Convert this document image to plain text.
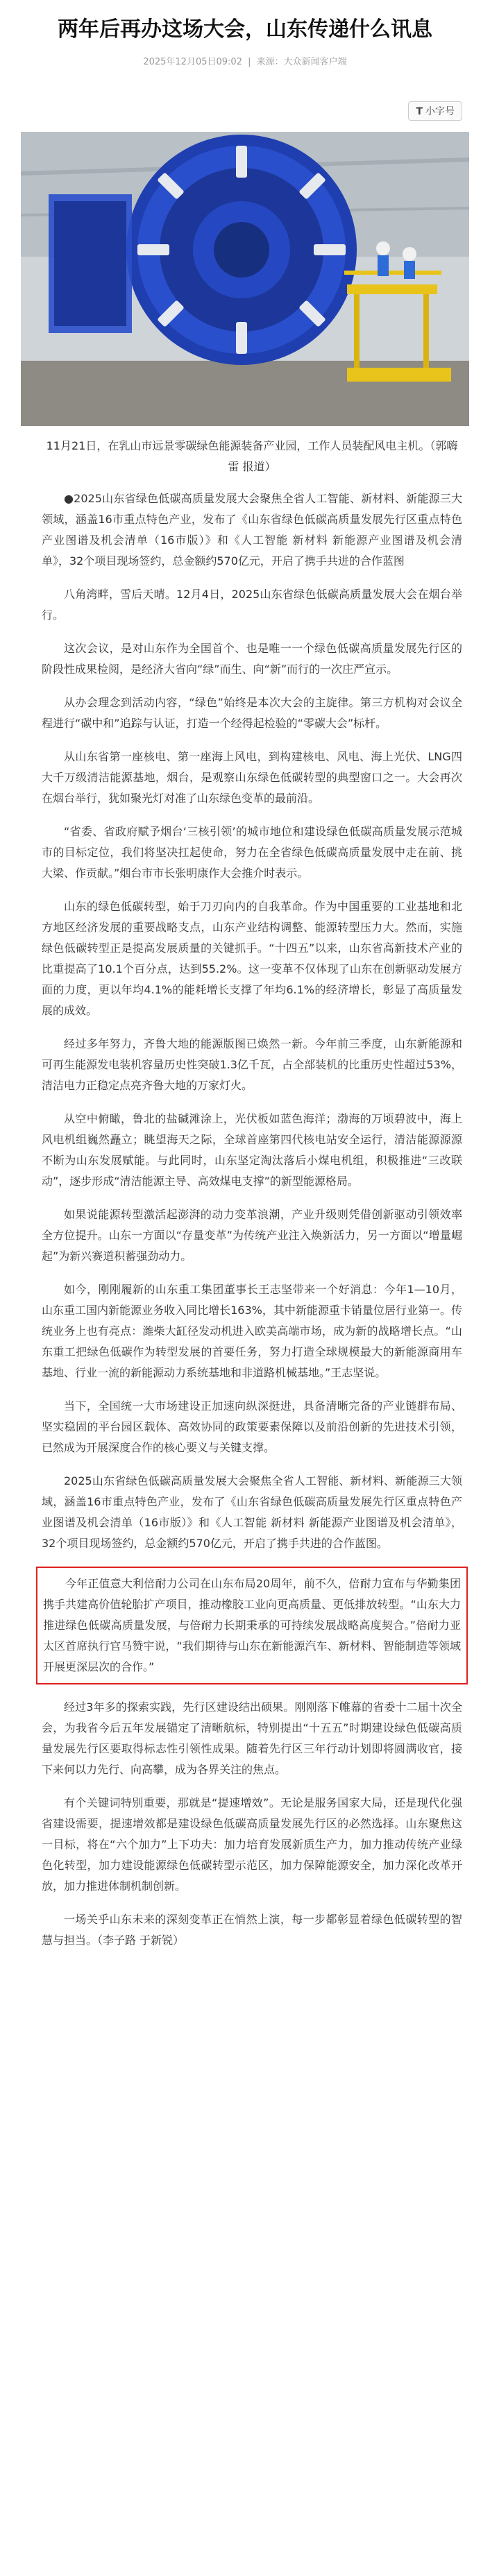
两年后再办这场大会，山东传递什么讯息
2025年12月05日09:02 | 来源：大众新闻客户端
T 小字号

11月21日，在乳山市远景零碳绿色能源装备产业园，工作人员装配风电主机。（郭嗨雷 报道）

●2025山东省绿色低碳高质量发展大会聚焦全省人工智能、新材料、新能源三大领域，涵盖16市重点特色产业，发布了《山东省绿色低碳高质量发展先行区重点特色产业图谱及机会清单（16市版）》和《人工智能 新材料 新能源产业图谱及机会清单》，32个项目现场签约，总金额约570亿元，开启了携手共进的合作蓝图

八角湾畔，雪后天晴。12月4日，2025山东省绿色低碳高质量发展大会在烟台举行。

这次会议，是对山东作为全国首个、也是唯一一个绿色低碳高质量发展先行区的阶段性成果检阅，是经济大省向“绿”而生、向“新”而行的一次庄严宣示。

从办会理念到活动内容，“绿色”始终是本次大会的主旋律。第三方机构对会议全程进行“碳中和”追踪与认证，打造一个经得起检验的“零碳大会”标杆。

从山东省第一座核电、第一座海上风电，到构建核电、风电、海上光伏、LNG四大千万级清洁能源基地，烟台，是观察山东绿色低碳转型的典型窗口之一。大会再次在烟台举行，犹如聚光灯对准了山东绿色变革的最前沿。

“省委、省政府赋予烟台‘三核引领’的城市地位和建设绿色低碳高质量发展示范城市的目标定位，我们将坚决扛起使命，努力在全省绿色低碳高质量发展中走在前、挑大梁、作贡献。”烟台市市长张明康作大会推介时表示。

山东的绿色低碳转型，始于刀刃向内的自我革命。作为中国重要的工业基地和北方地区经济发展的重要战略支点，山东产业结构调整、能源转型压力大。然而，实施绿色低碳转型正是提高发展质量的关键抓手。“十四五”以来，山东省高新技术产业的比重提高了10.1个百分点，达到55.2%。这一变革不仅体现了山东在创新驱动发展方面的力度，更以年均4.1%的能耗增长支撑了年均6.1%的经济增长，彰显了高质量发展的成效。

经过多年努力，齐鲁大地的能源版图已焕然一新。今年前三季度，山东新能源和可再生能源发电装机容量历史性突破1.3亿千瓦，占全部装机的比重历史性超过53%，清洁电力正稳定点亮齐鲁大地的万家灯火。

从空中俯瞰，鲁北的盐碱滩涂上，光伏板如蓝色海洋；渤海的万顷碧波中，海上风电机组巍然矗立；眺望海天之际，全球首座第四代核电站安全运行，清洁能源源源不断为山东发展赋能。与此同时，山东坚定淘汰落后小煤电机组，积极推进“三改联动”，逐步形成“清洁能源主导、高效煤电支撑”的新型能源格局。

如果说能源转型激活起澎湃的动力变革浪潮，产业升级则凭借创新驱动引领效率全方位提升。山东一方面以“存量变革”为传统产业注入焕新活力，另一方面以“增量崛起”为新兴赛道积蓄强劲动力。

如今，刚刚履新的山东重工集团董事长王志坚带来一个好消息：今年1—10月，山东重工国内新能源业务收入同比增长163%，其中新能源重卡销量位居行业第一。传统业务上也有亮点：潍柴大缸径发动机进入欧美高端市场，成为新的战略增长点。“山东重工把绿色低碳作为转型发展的首要任务，努力打造全球规模最大的新能源商用车基地、行业一流的新能源动力系统基地和非道路机械基地。”王志坚说。

当下，全国统一大市场建设正加速向纵深挺进，具备清晰完备的产业链群布局、坚实稳固的平台园区载体、高效协同的政策要素保障以及前沿创新的先进技术引领，已然成为开展深度合作的核心要义与关键支撑。

2025山东省绿色低碳高质量发展大会聚焦全省人工智能、新材料、新能源三大领域，涵盖16市重点特色产业，发布了《山东省绿色低碳高质量发展先行区重点特色产业图谱及机会清单（16市版）》和《人工智能 新材料 新能源产业图谱及机会清单》，32个项目现场签约，总金额约570亿元，开启了携手共进的合作蓝图。

今年正值意大利倍耐力公司在山东布局20周年，前不久，倍耐力宣布与华勤集团携手共建高价值轮胎扩产项目，推动橡胶工业向更高质量、更低排放转型。“山东大力推进绿色低碳高质量发展，与倍耐力长期秉承的可持续发展战略高度契合。”倍耐力亚太区首席执行官马赞宇说，“我们期待与山东在新能源汽车、新材料、智能制造等领域开展更深层次的合作。”

经过3年多的探索实践，先行区建设结出硕果。刚刚落下帷幕的省委十二届十次全会，为我省今后五年发展锚定了清晰航标，特别提出“十五五”时期建设绿色低碳高质量发展先行区要取得标志性引领性成果。随着先行区三年行动计划即将圆满收官，接下来何以力先行、向高攀，成为各界关注的焦点。

有个关键词特别重要，那就是“提速增效”。无论是服务国家大局，还是现代化强省建设需要，提速增效都是建设绿色低碳高质量发展先行区的必然选择。山东聚焦这一目标，将在“六个加力”上下功夫：加力培育发展新质生产力，加力推动传统产业绿色化转型，加力建设能源绿色低碳转型示范区，加力保障能源安全，加力深化改革开放，加力推进体制机制创新。

一场关乎山东未来的深刻变革正在悄然上演，每一步都彰显着绿色低碳转型的智慧与担当。（李子路 于新锐）
